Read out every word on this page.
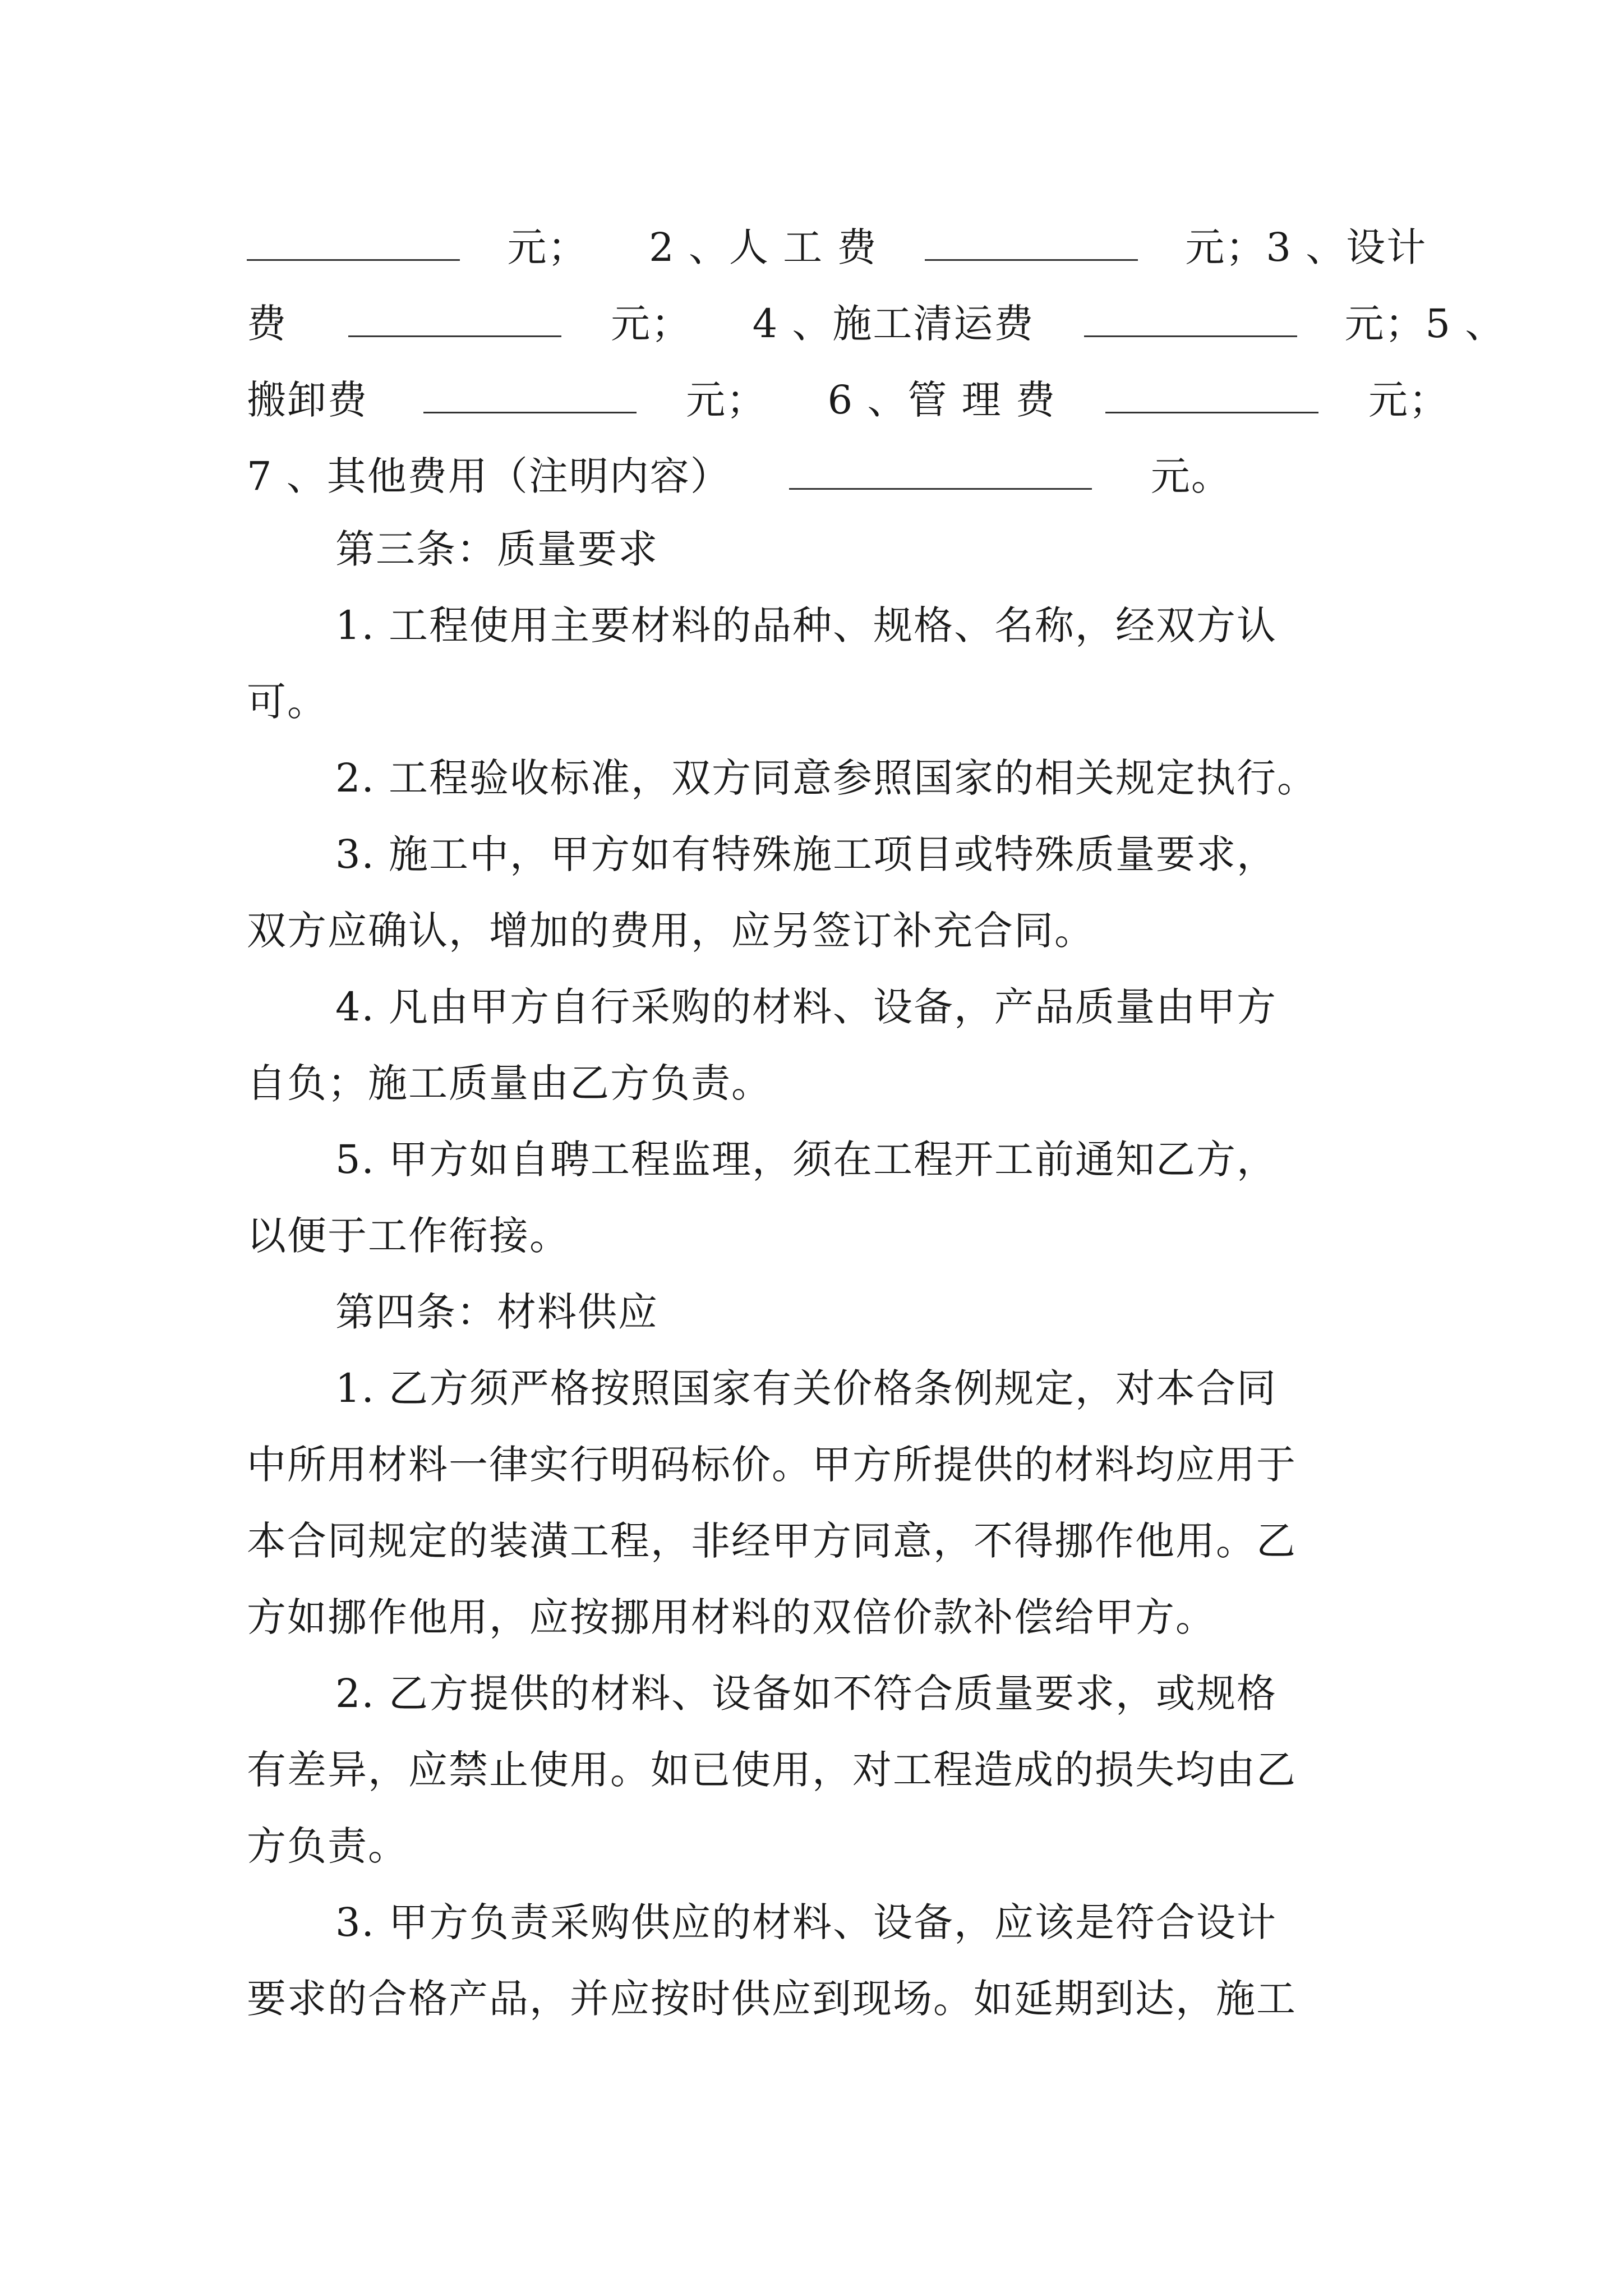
元； 2 、人 工 费	元；3 、设计
费	元； 4 、施工清运费	元；5 、
搬卸费	元； 6 、管 理 费	元；
7 、其他费用（注明内容）	元。
第三条：质量要求
1. 工程使用主要材料的品种、规格、名称，经双方认
可。
2. 工程验收标准，双方同意参照国家的相关规定执行。
3. 施工中，甲方如有特殊施工项目或特殊质量要求，
双方应确认，增加的费用，应另签订补充合同。
4. 凡由甲方自行采购的材料、设备，产品质量由甲方
自负；施工质量由乙方负责。
5. 甲方如自聘工程监理，须在工程开工前通知乙方，
以便于工作衔接。
第四条：材料供应
1. 乙方须严格按照国家有关价格条例规定，对本合同
中所用材料一律实行明码标价。甲方所提供的材料均应用于
本合同规定的装潢工程，非经甲方同意，不得挪作他用。乙
方如挪作他用，应按挪用材料的双倍价款补偿给甲方。
2. 乙方提供的材料、设备如不符合质量要求，或规格
有差异，应禁止使用。如已使用，对工程造成的损失均由乙
方负责。
3. 甲方负责采购供应的材料、设备，应该是符合设计
要求的合格产品，并应按时供应到现场。如延期到达，施工
